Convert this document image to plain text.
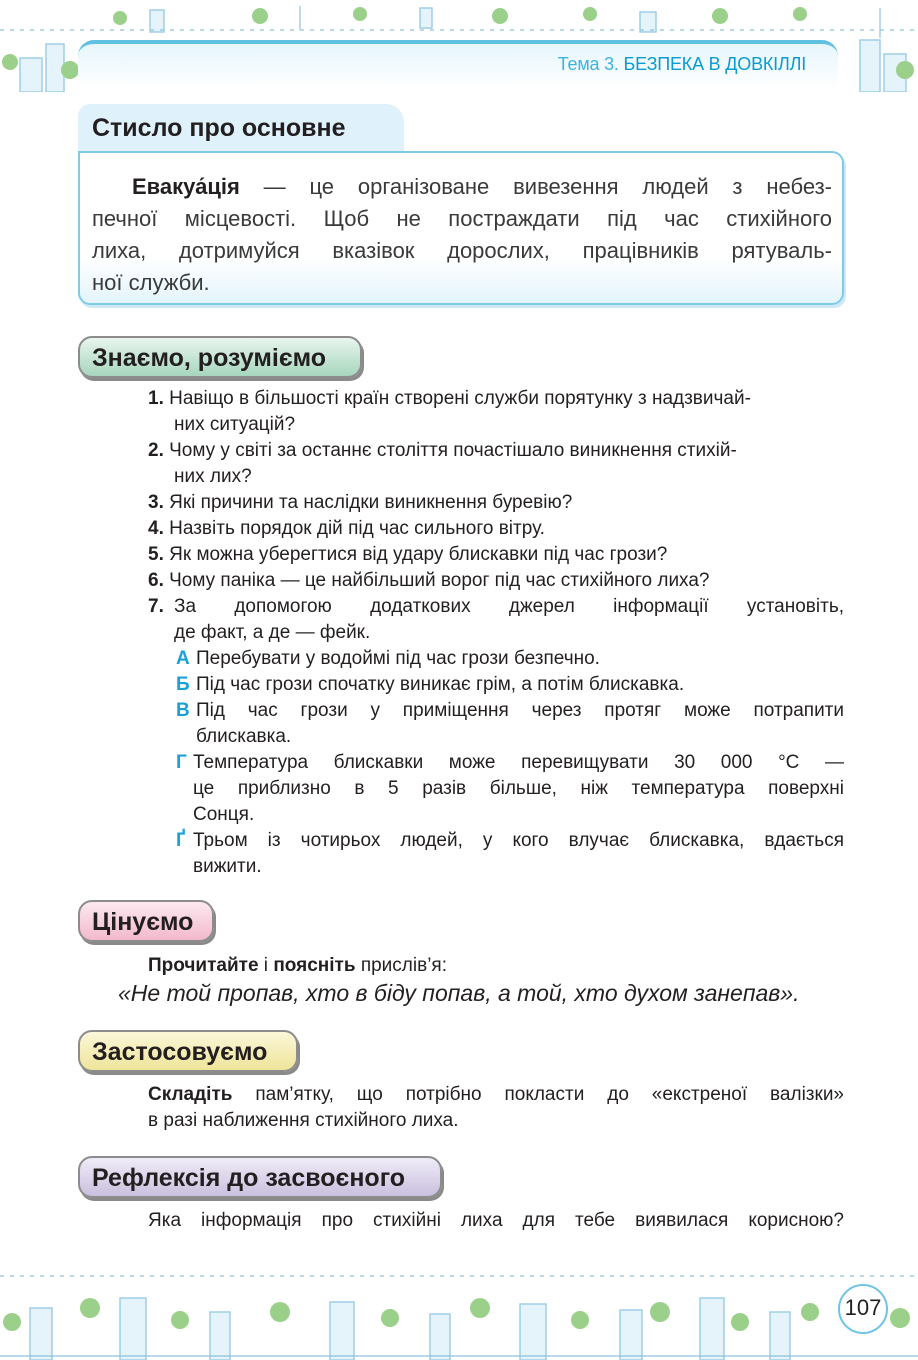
Тема 3. БЕЗПЕКА В ДОВКІЛЛІ
Стисло про основне
Евакуа́ція — це організоване вивезення людей з небез-
печної місцевості. Щоб не постраждати під час стихійного
лиха, дотримуйся вказівок дорослих, працівників рятуваль-
ної служби.
Знаємо, розуміємо
1. Навіщо в більшості країн створені служби порятунку з надзвичай-
них ситуацій?
2. Чому у світі за останнє століття почастішало виникнення стихій-
них лих?
3. Які причини та наслідки виникнення буревію?
4. Назвіть порядок дій під час сильного вітру.
5. Як можна уберегтися від удару блискавки під час грози?
6. Чому паніка — це найбільший ворог під час стихійного лиха?
7. За допомогою додаткових джерел інформації установіть,
де факт, а де — фейк.
А Перебувати у водоймі під час грози безпечно.
Б Під час грози спочатку виникає грім, а потім блискавка.
В Під час грози у приміщення через протяг може потрапити
блискавка.
Г Температура блискавки може перевищувати 30 000 °С —
це приблизно в 5 разів більше, ніж температура поверхні
Сонця.
Ґ Трьом із чотирьох людей, у кого влучає блискавка, вдається
вижити.
Цінуємо
Прочитайте і поясніть прислів’я:
«Не той пропав, хто в біду попав, а той, хто духом занепав».
Застосовуємо
Складіть пам’ятку, що потрібно покласти до «екстреної валізки»
в разі наближення стихійного лиха.
Рефлексія до засвоєного
Яка інформація про стихійні лиха для тебе виявилася корисною?
107
